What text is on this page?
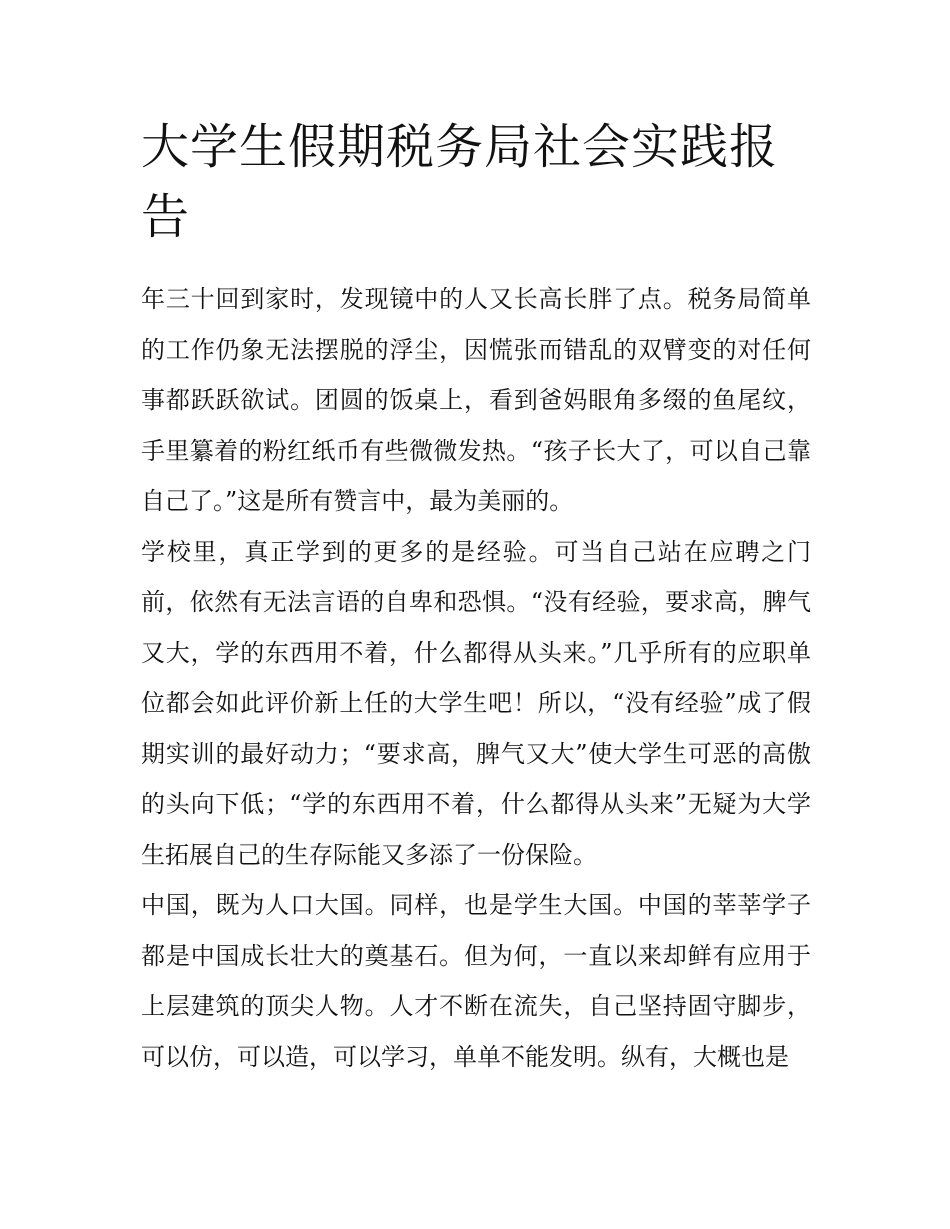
大学生假期税务局社会实践报告

年三十回到家时，发现镜中的人又长高长胖了点。税务局简单的工作仍象无法摆脱的浮尘，因慌张而错乱的双臂变的对任何事都跃跃欲试。团圆的饭桌上，看到爸妈眼角多缀的鱼尾纹，手里纂着的粉红纸币有些微微发热。“孩子长大了，可以自己靠自己了。”这是所有赞言中，最为美丽的。

学校里，真正学到的更多的是经验。可当自己站在应聘之门前，依然有无法言语的自卑和恐惧。“没有经验，要求高，脾气又大，学的东西用不着，什么都得从头来。”几乎所有的应职单位都会如此评价新上任的大学生吧！所以，“没有经验”成了假期实训的最好动力；“要求高，脾气又大”使大学生可恶的高傲的头向下低；“学的东西用不着，什么都得从头来”无疑为大学生拓展自己的生存际能又多添了一份保险。

中国，既为人口大国。同样，也是学生大国。中国的莘莘学子都是中国成长壮大的奠基石。但为何，一直以来却鲜有应用于上层建筑的顶尖人物。人才不断在流失，自己坚持固守脚步，可以仿，可以造，可以学习，单单不能发明。纵有，大概也是
